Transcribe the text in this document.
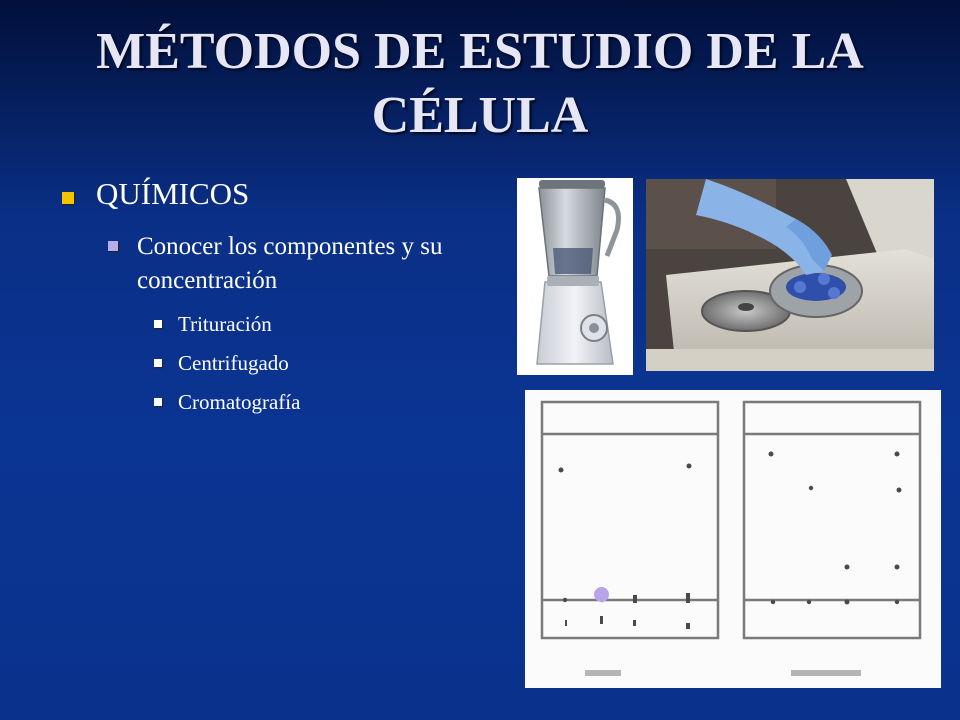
MÉTODOS DE ESTUDIO DE LA CÉLULA
QUÍMICOS
Conocer los componentes y su concentración
Trituración
Centrifugado
Cromatografía
